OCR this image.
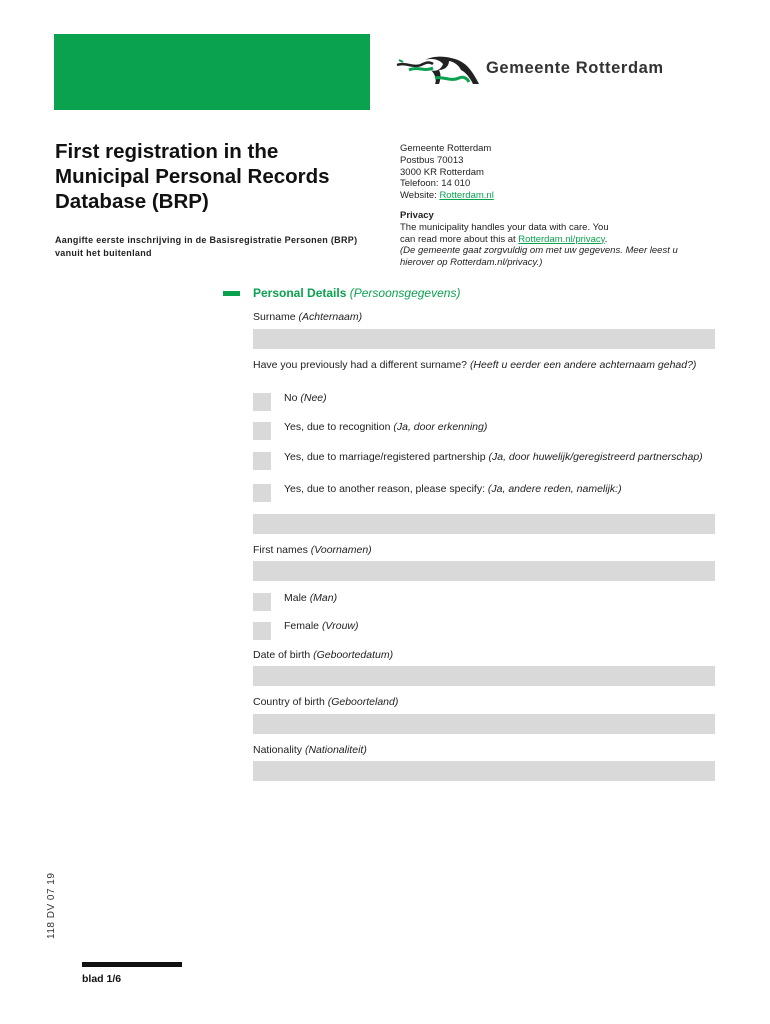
Gemeente Rotterdam
First registration in the Municipal Personal Records Database (BRP)
Aangifte eerste inschrijving in de Basisregistratie Personen (BRP) vanuit het buitenland
Gemeente Rotterdam
Postbus 70013
3000 KR Rotterdam
Telefoon: 14 010
Website: Rotterdam.nl
Privacy
The municipality handles your data with care. You
can read more about this at Rotterdam.nl/privacy.
(De gemeente gaat zorgvuldig om met uw gegevens. Meer leest u
hierover op Rotterdam.nl/privacy.)
Personal Details (Persoonsgegevens)
Surname (Achternaam)
Have you previously had a different surname? (Heeft u eerder een andere achternaam gehad?)
No (Nee)
Yes, due to recognition (Ja, door erkenning)
Yes, due to marriage/registered partnership (Ja, door huwelijk/geregistreerd partnerschap)
Yes, due to another reason, please specify: (Ja, andere reden, namelijk:)
First names (Voornamen)
Male (Man)
Female (Vrouw)
Date of birth (Geboortedatum)
Country of birth (Geboorteland)
Nationality (Nationaliteit)
118 DV 07 19
blad 1/6
